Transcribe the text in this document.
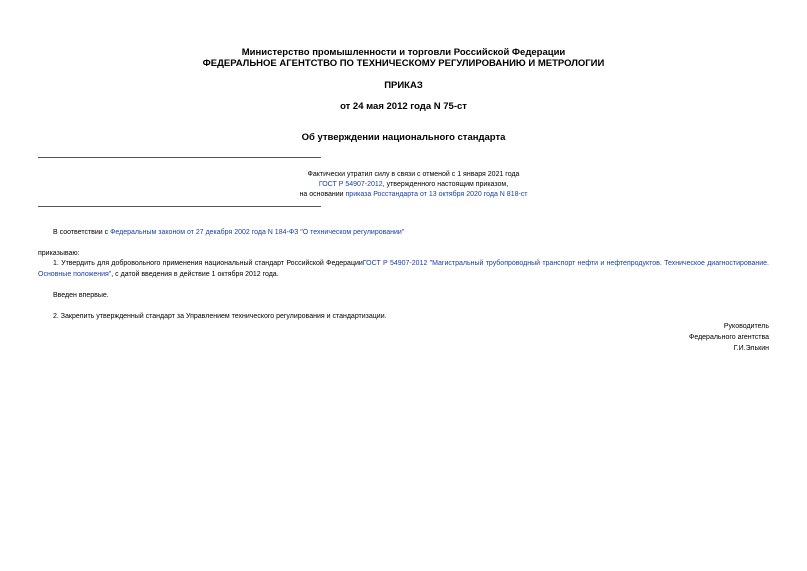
Министерство промышленности и торговли Российской Федерации
ФЕДЕРАЛЬНОЕ АГЕНТСТВО ПО ТЕХНИЧЕСКОМУ РЕГУЛИРОВАНИЮ И МЕТРОЛОГИИ
ПРИКАЗ
от 24 мая 2012 года N 75-ст
Об утверждении национального стандарта
Фактически утратил силу в связи с отменой с 1 января 2021 года
ГОСТ Р 54907-2012, утвержденного настоящим приказом,
на основании приказа Росстандарта от 13 октября 2020 года N 818-ст
В соответствии с Федеральным законом от 27 декабря 2002 года N 184-ФЗ "О техническом регулировании"
приказываю:
1. Утвердить для добровольного применения национальный стандарт Российской ФедерацииГОСТ Р 54907-2012 "Магистральный трубопроводный транспорт нефти и нефтепродуктов. Техническое диагностирование. Основные положения", с датой введения в действие 1 октября 2012 года.
Введен впервые.
2. Закрепить утвержденный стандарт за Управлением технического регулирования и стандартизации.
Руководитель
Федерального агентства
Г.И.Элькин
